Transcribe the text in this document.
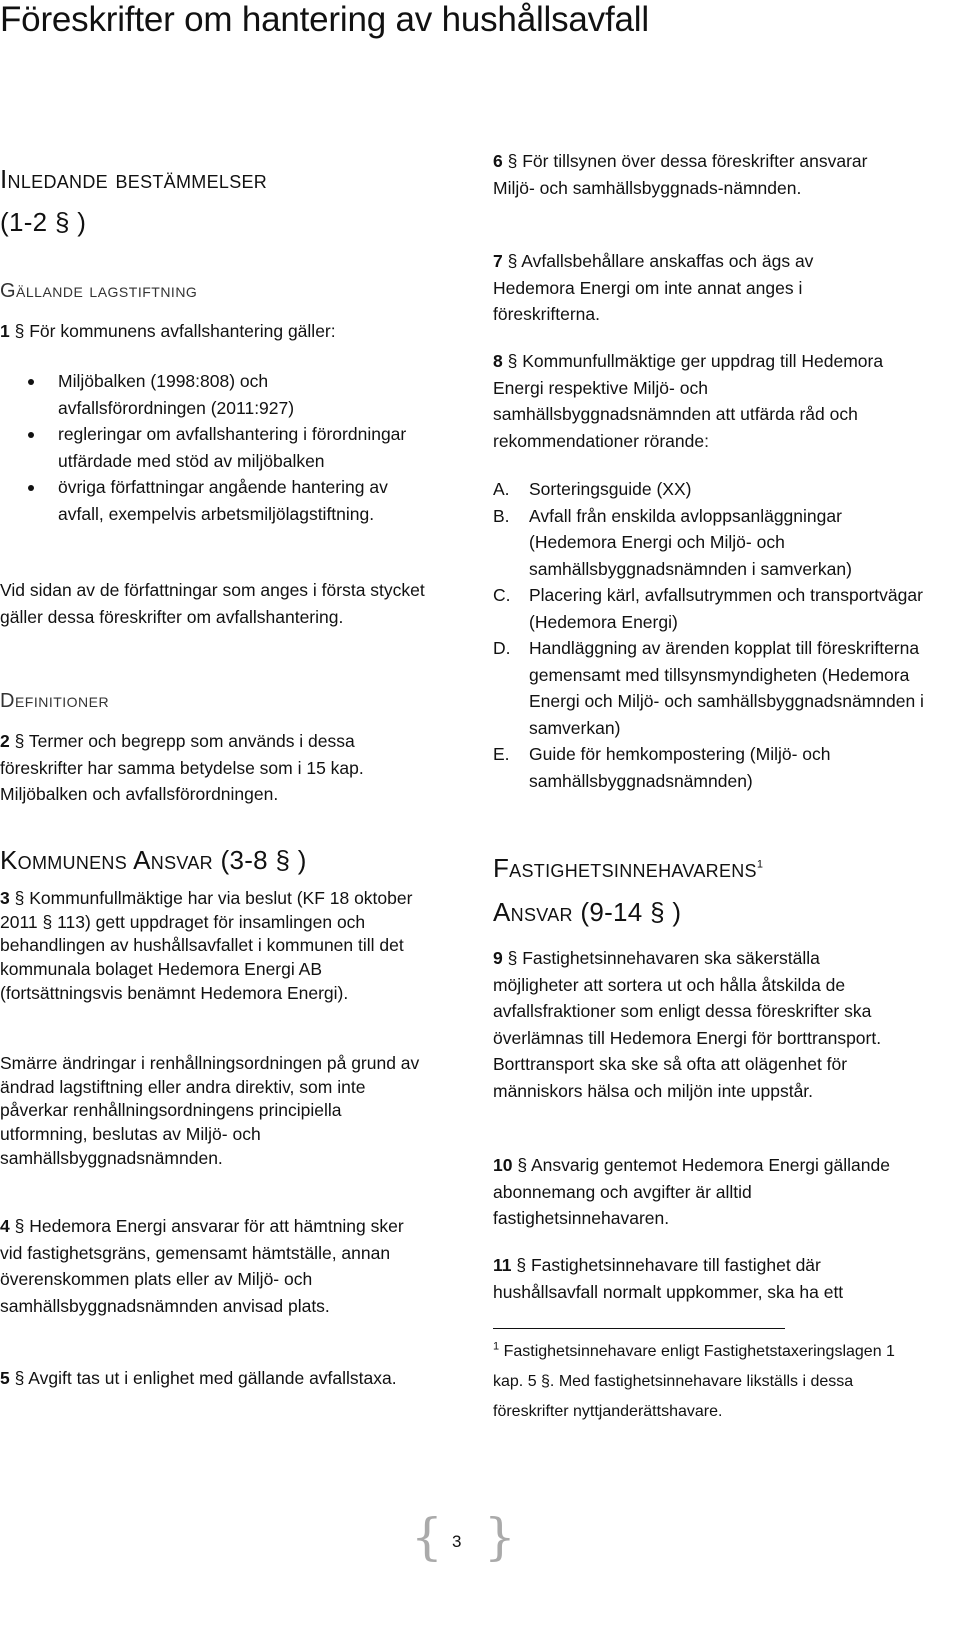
Föreskrifter om hantering av hushållsavfall
Inledande bestämmelser
(1-2 § )
Gällande lagstiftning

1 § För kommunens avfallshantering gäller:

Miljöbalken (1998:808) och avfallsförordningen (2011:927)
regleringar om avfallshantering i förordningar utfärdade med stöd av miljöbalken
övriga författningar angående hantering av avfall, exempelvis arbetsmiljölagstiftning.

Vid sidan av de författningar som anges i första stycket gäller dessa föreskrifter om avfallshantering.

Definitioner

2 § Termer och begrepp som används i dessa föreskrifter har samma betydelse som i 15 kap. Miljöbalken och avfallsförordningen.

Kommunens Ansvar (3-8 § )

3 § Kommunfullmäktige har via beslut (KF 18 oktober 2011 § 113) gett uppdraget för insamlingen och behandlingen av hushållsavfallet i kommunen till det kommunala bolaget Hedemora Energi AB (fortsättningsvis benämnt Hedemora Energi).

Smärre ändringar i renhållningsordningen på grund av ändrad lagstiftning eller andra direktiv, som inte påverkar renhållningsordningens principiella utformning, beslutas av Miljö- och samhällsbyggnadsnämnden.

4 § Hedemora Energi ansvarar för att hämtning sker vid fastighetsgräns, gemensamt hämtställe, annan överenskommen plats eller av Miljö- och samhällsbyggnadsnämnden anvisad plats.

5 § Avgift tas ut i enlighet med gällande avfallstaxa.

6 § För tillsynen över dessa föreskrifter ansvarar Miljö- och samhällsbyggnads-nämnden.

7 § Avfallsbehållare anskaffas och ägs av Hedemora Energi om inte annat anges i föreskrifterna.

8 § Kommunfullmäktige ger uppdrag till Hedemora Energi respektive Miljö- och samhällsbyggnadsnämnden att utfärda råd och rekommendationer rörande:

A. Sorteringsguide (XX)
B. Avfall från enskilda avloppsanläggningar (Hedemora Energi och Miljö- och samhällsbyggnadsnämnden i samverkan)
C. Placering kärl, avfallsutrymmen och transportvägar (Hedemora Energi)
D. Handläggning av ärenden kopplat till föreskrifterna gemensamt med tillsynsmyndigheten (Hedemora Energi och Miljö- och samhällsbyggnadsnämnden i samverkan)
E. Guide för hemkompostering (Miljö- och samhällsbyggnadsnämnden)
Fastighetsinnehavarens$^1$
Ansvar (9-14 § )

9 § Fastighetsinnehavaren ska säkerställa möjligheter att sortera ut och hålla åtskilda de avfallsfraktioner som enligt dessa föreskrifter ska överlämnas till Hedemora Energi för borttransport. Borttransport ska ske så ofta att olägenhet för människors hälsa och miljön inte uppstår.

10 § Ansvarig gentemot Hedemora Energi gällande abonnemang och avgifter är alltid fastighetsinnehavaren.

11 § Fastighetsinnehavare till fastighet där hushållsavfall normalt uppkommer, ska ha ett

$^1$ Fastighetsinnehavare enligt Fastighetstaxeringslagen 1 kap. 5 §. Med fastighetsinnehavare likställs i dessa föreskrifter nyttjanderättshavare.
{ 3 }
